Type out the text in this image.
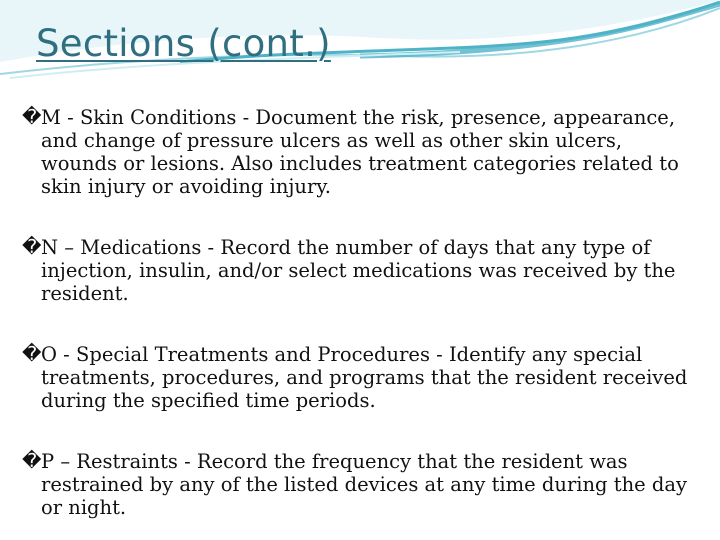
Sections (cont.)
� M - Skin Conditions - Document the risk, presence, appearance, and change of pressure ulcers as well as other skin ulcers, wounds or lesions. Also includes treatment categories related to skin injury or avoiding injury.
� N – Medications - Record the number of days that any type of injection, insulin, and/or select medications was received by the resident.
� O - Special Treatments and Procedures - Identify any special treatments, procedures, and programs that the resident received during the specified time periods.
� P – Restraints - Record the frequency that the resident was restrained by any of the listed devices at any time during the day or night.
